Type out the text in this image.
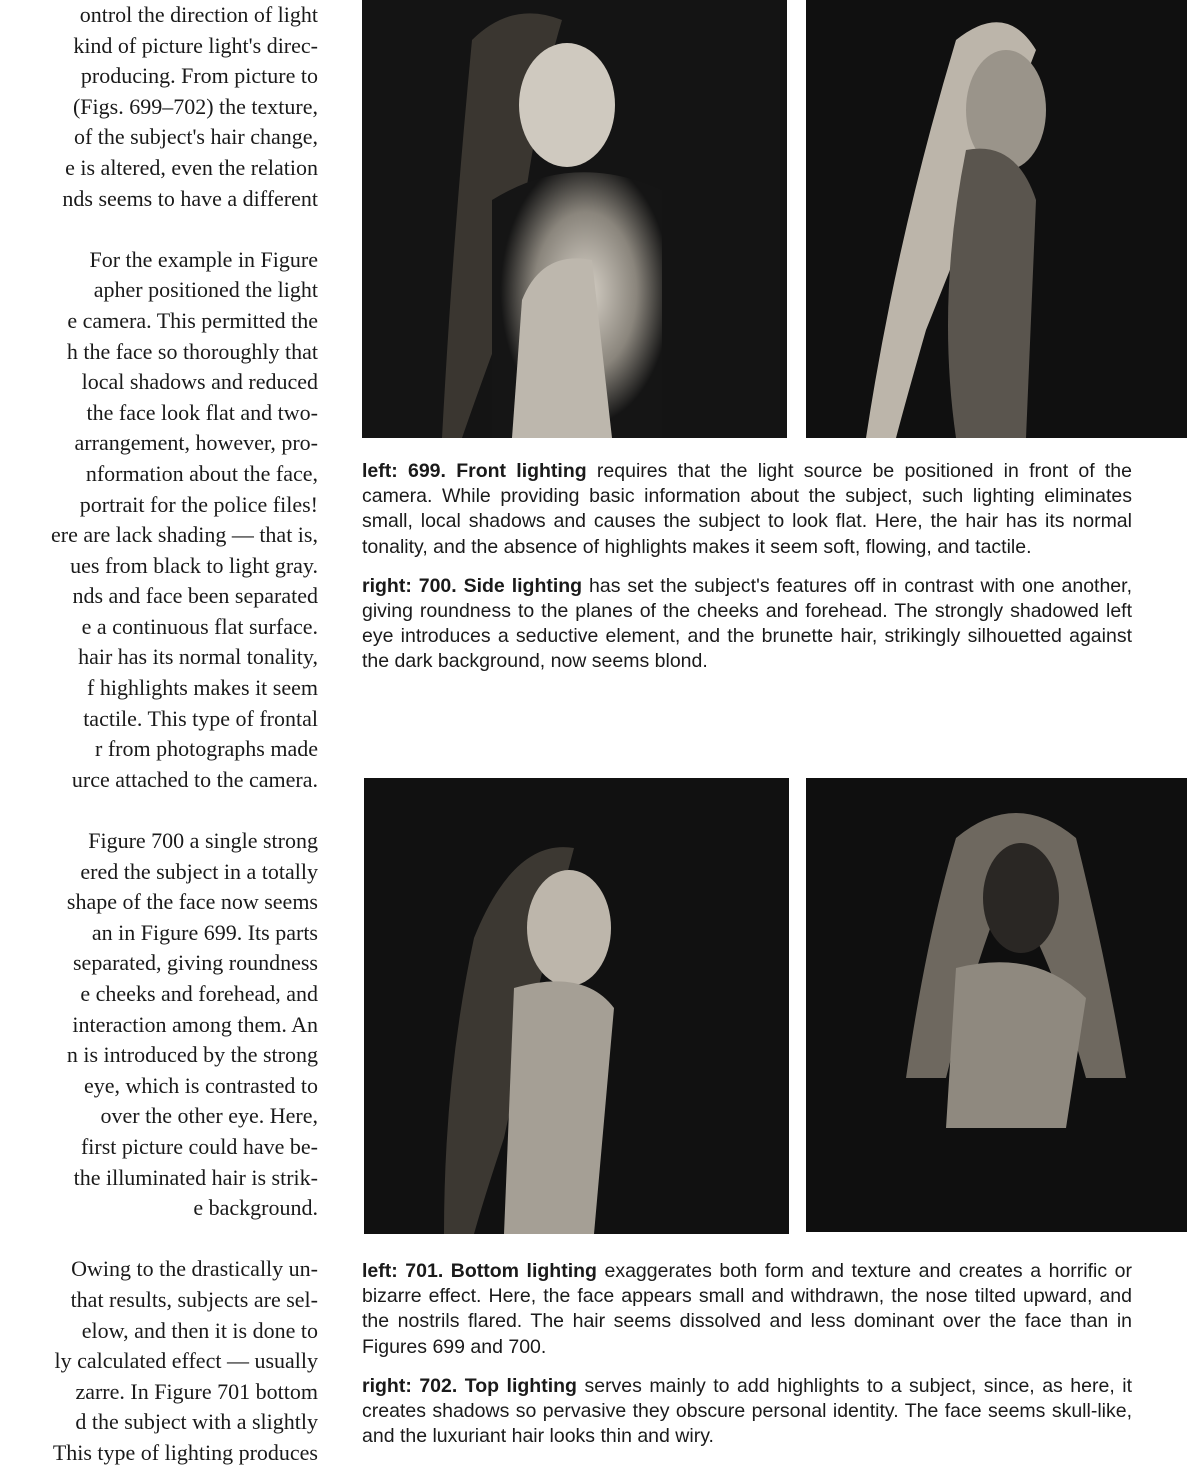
ontrol the direction of light
kind of picture light's direc-
producing. From picture to
(Figs. 699–702) the texture,
of the subject's hair change,
e is altered, even the relation
nds seems to have a different
For the example in Figure
apher positioned the light
e camera. This permitted the
h the face so thoroughly that
local shadows and reduced
the face look flat and two-
arrangement, however, pro-
nformation about the face,
portrait for the police files!
ere are lack shading — that is,
ues from black to light gray.
nds and face been separated
e a continuous flat surface.
hair has its normal tonality,
f highlights makes it seem
tactile. This type of frontal
r from photographs made
urce attached to the camera.
Figure 700 a single strong
ered the subject in a totally
shape of the face now seems
an in Figure 699. Its parts
separated, giving roundness
e cheeks and forehead, and
interaction among them. An
n is introduced by the strong
eye, which is contrasted to
over the other eye. Here,
first picture could have be-
the illuminated hair is strik-
e background.
Owing to the drastically un-
that results, subjects are sel-
elow, and then it is done to
ly calculated effect — usually
zarre. In Figure 701 bottom
d the subject with a slightly
This type of lighting produces

left: 699. Front lighting requires that the light source be positioned in front of the camera. While providing basic information about the subject, such lighting eliminates small, local shadows and causes the subject to look flat. Here, the hair has its normal tonality, and the absence of highlights makes it seem soft, flowing, and tactile.

right: 700. Side lighting has set the subject's features off in contrast with one another, giving roundness to the planes of the cheeks and forehead. The strongly shadowed left eye introduces a seductive element, and the brunette hair, strikingly silhouetted against the dark background, now seems blond.

left: 701. Bottom lighting exaggerates both form and texture and creates a horrific or bizarre effect. Here, the face appears small and withdrawn, the nose tilted upward, and the nostrils flared. The hair seems dissolved and less dominant over the face than in Figures 699 and 700.

right: 702. Top lighting serves mainly to add highlights to a subject, since, as here, it creates shadows so pervasive they obscure personal identity. The face seems skull-like, and the luxuriant hair looks thin and wiry.
